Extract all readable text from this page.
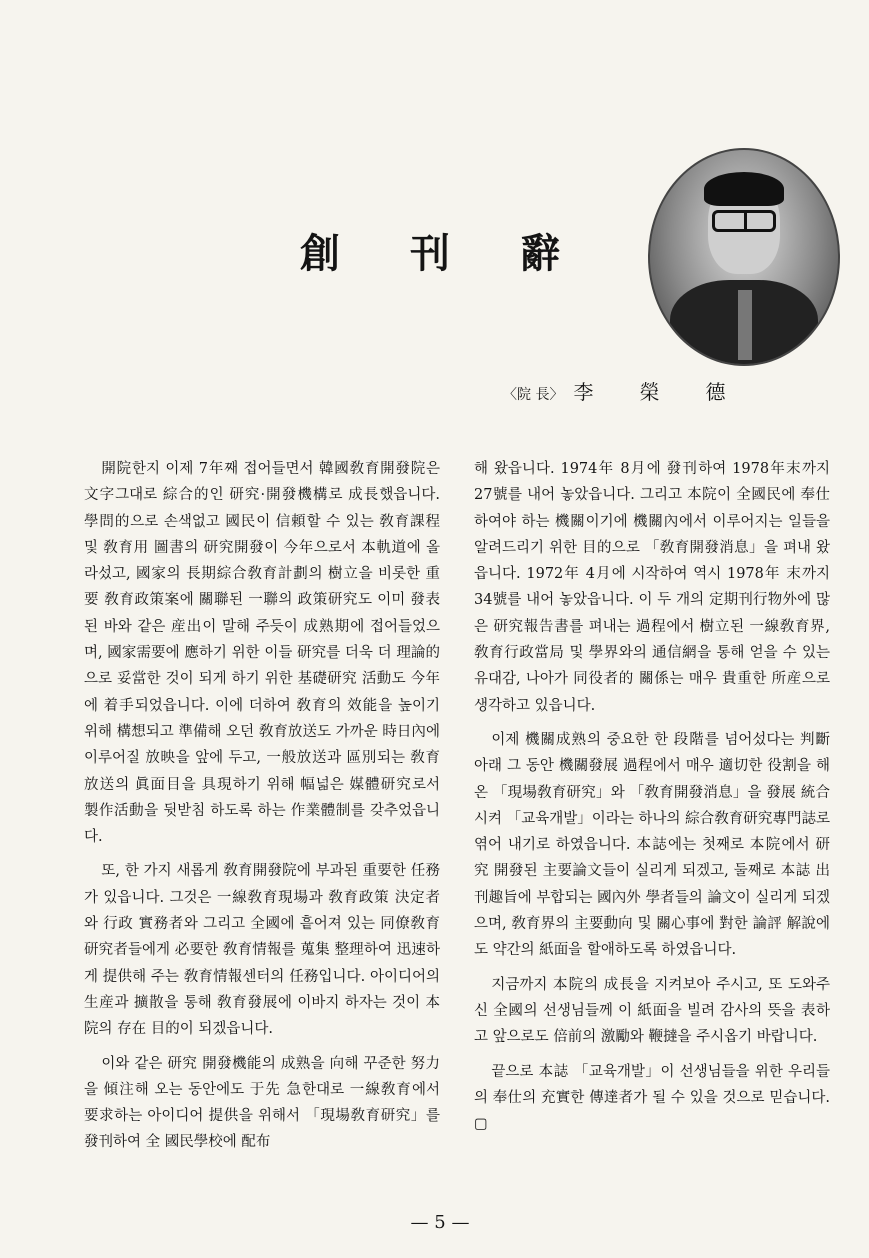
創 刊 辭
〈院 長〉 李 榮 德

開院한지 이제 7年째 접어들면서 韓國敎育開發院은 文字그대로 綜合的인 研究·開發機構로 成長했읍니다. 學問的으로 손색없고 國民이 信頼할 수 있는 敎育課程 및 敎育用 圖書의 研究開發이 今年으로서 本軌道에 올라섰고, 國家의 長期綜合敎育計劃의 樹立을 비롯한 重要 敎育政策案에 關聯된 一聯의 政策研究도 이미 發表된 바와 같은 産出이 말해 주듯이 成熟期에 접어들었으며, 國家需要에 應하기 위한 이들 研究를 더욱 더 理論的으로 妥當한 것이 되게 하기 위한 基礎研究 活動도 今年에 着手되었읍니다. 이에 더하여 敎育의 效能을 높이기 위해 構想되고 準備해 오던 敎育放送도 가까운 時日內에 이루어질 放映을 앞에 두고, 一般放送과 區別되는 敎育放送의 眞面目을 具現하기 위해 幅넓은 媒體研究로서 製作活動을 뒷받침 하도록 하는 作業體制를 갖추었읍니다.

또, 한 가지 새롭게 敎育開發院에 부과된 重要한 任務가 있읍니다. 그것은 一線敎育現場과 敎育政策 決定者와 行政 實務者와 그리고 全國에 흩어져 있는 同僚敎育研究者들에게 必要한 敎育情報를 蒐集 整理하여 迅速하게 提供해 주는 敎育情報센터의 任務입니다. 아이디어의 生産과 擴散을 통해 敎育發展에 이바지 하자는 것이 本院의 存在 目的이 되겠읍니다.

이와 같은 研究 開發機能의 成熟을 向해 꾸준한 努力을 傾注해 오는 동안에도 于先 急한대로 一線敎育에서 要求하는 아이디어 提供을 위해서 「現場敎育研究」를 發刊하여 全 國民學校에 配布

해 왔읍니다. 1974年 8月에 發刊하여 1978年末까지 27號를 내어 놓았읍니다. 그리고 本院이 全國民에 奉仕하여야 하는 機關이기에 機關內에서 이루어지는 일들을 알려드리기 위한 目的으로 「敎育開發消息」을 펴내 왔읍니다. 1972年 4月에 시작하여 역시 1978年 末까지 34號를 내어 놓았읍니다. 이 두 개의 定期刊行物外에 많은 研究報告書를 펴내는 過程에서 樹立된 一線敎育界, 敎育行政當局 및 學界와의 通信網을 통해 얻을 수 있는 유대감, 나아가 同役者的 關係는 매우 貴重한 所産으로 생각하고 있읍니다.

이제 機關成熟의 중요한 한 段階를 넘어섰다는 判斷아래 그 동안 機關發展 過程에서 매우 適切한 役割을 해 온 「現場敎育研究」와 「敎育開發消息」을 發展 統合시켜 「교육개발」이라는 하나의 綜合敎育研究專門誌로 엮어 내기로 하였읍니다. 本誌에는 첫째로 本院에서 研究 開發된 主要論文들이 실리게 되겠고, 둘째로 本誌 出刊趣旨에 부합되는 國內外 學者들의 論文이 실리게 되겠으며, 敎育界의 主要動向 및 關心事에 對한 論評 解說에도 약간의 紙面을 할애하도록 하였읍니다.

지금까지 本院의 成長을 지켜보아 주시고, 또 도와주신 全國의 선생님들께 이 紙面을 빌려 감사의 뜻을 表하고 앞으로도 倍前의 激勵와 鞭撻을 주시옵기 바랍니다.

끝으로 本誌 「교육개발」이 선생님들을 위한 우리들의 奉仕의 充實한 傳達者가 될 수 있을 것으로 믿습니다. ▢

— 5 —
